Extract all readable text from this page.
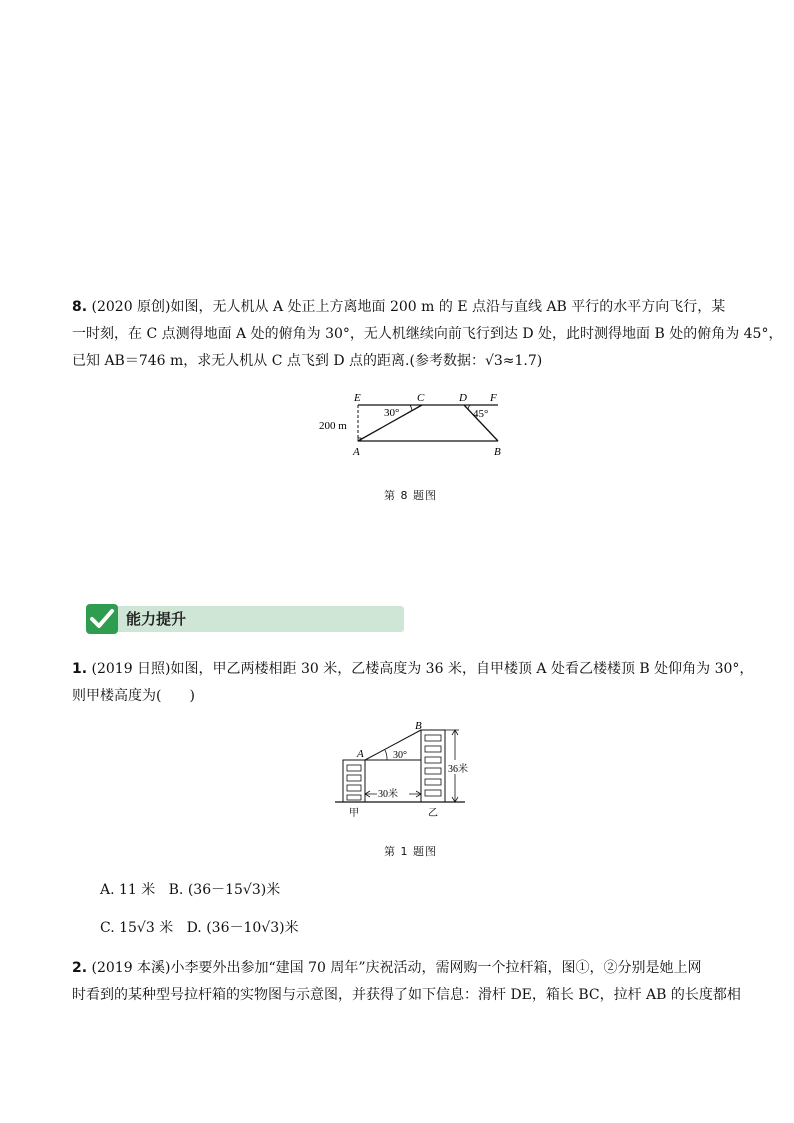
8. (2020 原创)如图，无人机从 A 处正上方离地面 200 m 的 E 点沿与直线 AB 平行的水平方向飞行，某
一时刻，在 C 点测得地面 A 处的俯角为 30°，无人机继续向前飞行到达 D 处，此时测得地面 B 处的俯角为 45°，
已知 AB＝746 m，求无人机从 C 点飞到 D 点的距离.(参考数据：√3≈1.7)
E	C	D F
A	B
30°	45°
200 m
第 8 题图
能力提升
1. (2019 日照)如图，甲乙两楼相距 30 米，乙楼高度为 36 米，自甲楼顶 A 处看乙楼楼顶 B 处仰角为 30°，
则甲楼高度为(　　)
30米
36米
A
B
30°
甲	乙
第 1 题图
A. 11 米 B. (36－15√3)米
C. 15√3 米 D. (36－10√3)米
2. (2019 本溪)小李要外出参加“建国 70 周年”庆祝活动，需网购一个拉杆箱，图①，②分别是她上网
时看到的某种型号拉杆箱的实物图与示意图，并获得了如下信息：滑杆 DE，箱长 BC，拉杆 AB 的长度都相
